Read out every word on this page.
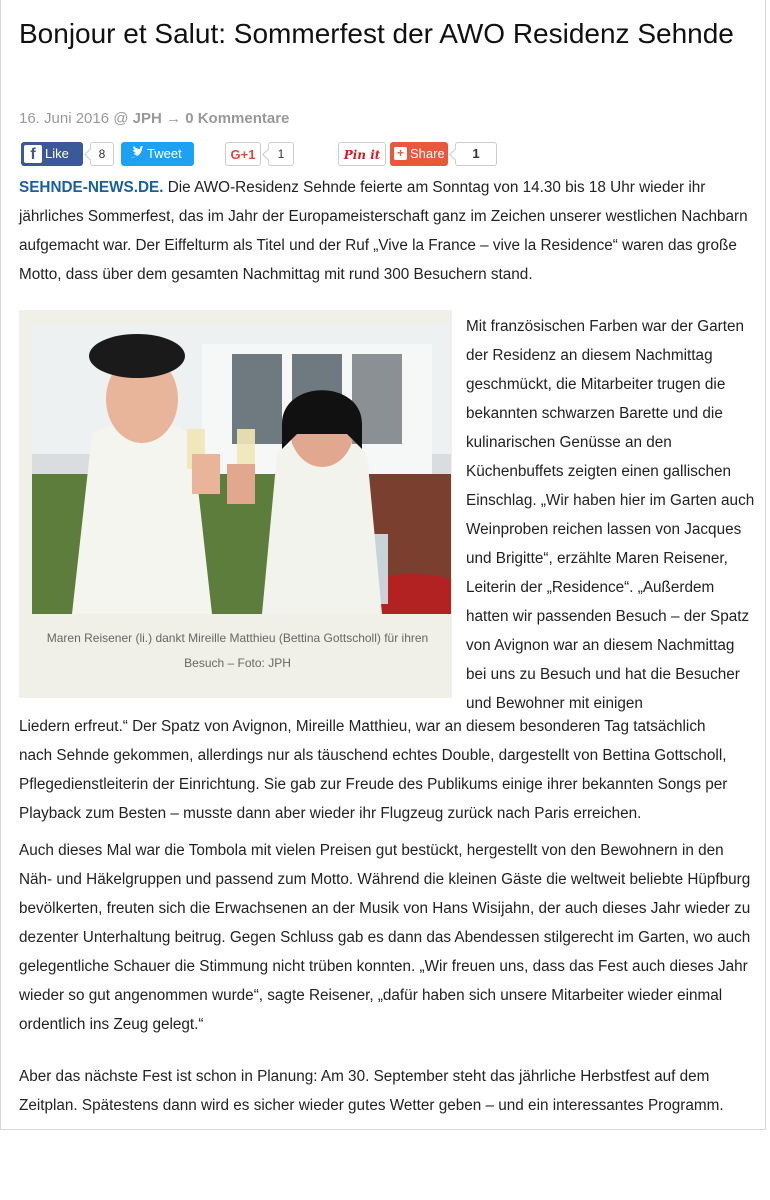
Bonjour et Salut: Sommerfest der AWO Residenz Sehnde
16. Juni 2016 @ JPH → 0 Kommentare
f Like	8	Tweet	G+1	1	Pin it	+ Share	1

SEHNDE-NEWS.DE. Die AWO-Residenz Sehnde feierte am Sonntag von 14.30 bis 18 Uhr wieder ihr jährliches Sommerfest, das im Jahr der Europameisterschaft ganz im Zeichen unserer westlichen Nachbarn aufgemacht war. Der Eiffelturm als Titel und der Ruf „Vive la France – vive la Residence“ waren das große Motto, dass über dem gesamten Nachmittag mit rund 300 Besuchern stand.

Maren Reisener (li.) dankt Mireille Matthieu (Bettina Gottscholl) für ihren Besuch – Foto: JPH
Mit französischen Farben war der Garten der Residenz an diesem Nachmittag geschmückt, die Mitarbeiter trugen die bekannten schwarzen Barette und die kulinarischen Genüsse an den Küchenbuffets zeigten einen gallischen Einschlag. „Wir haben hier im Garten auch Weinproben reichen lassen von Jacques und Brigitte“, erzählte Maren Reisener, Leiterin der „Residence“. „Außerdem hatten wir passenden Besuch – der Spatz von Avignon war an diesem Nachmittag bei uns zu Besuch und hat die Besucher und Bewohner mit einigen
Liedern erfreut.“ Der Spatz von Avignon, Mireille Matthieu, war an diesem besonderen Tag tatsächlich
nach Sehnde gekommen, allerdings nur als täuschend echtes Double, dargestellt von Bettina Gottscholl,
Pflegedienstleiterin der Einrichtung. Sie gab zur Freude des Publikums einige ihrer bekannten Songs per
Playback zum Besten – musste dann aber wieder ihr Flugzeug zurück nach Paris erreichen.

Auch dieses Mal war die Tombola mit vielen Preisen gut bestückt, hergestellt von den Bewohnern in den Näh- und Häkelgruppen und passend zum Motto. Während die kleinen Gäste die weltweit beliebte Hüpfburg bevölkerten, freuten sich die Erwachsenen an der Musik von Hans Wisijahn, der auch dieses Jahr wieder zu dezenter Unterhaltung beitrug. Gegen Schluss gab es dann das Abendessen stilgerecht im Garten, wo auch gelegentliche Schauer die Stimmung nicht trüben konnten. „Wir freuen uns, dass das Fest auch dieses Jahr wieder so gut angenommen wurde“, sagte Reisener, „dafür haben sich unsere Mitarbeiter wieder einmal ordentlich ins Zeug gelegt.“

Aber das nächste Fest ist schon in Planung: Am 30. September steht das jährliche Herbstfest auf dem Zeitplan. Spätestens dann wird es sicher wieder gutes Wetter geben – und ein interessantes Programm.
